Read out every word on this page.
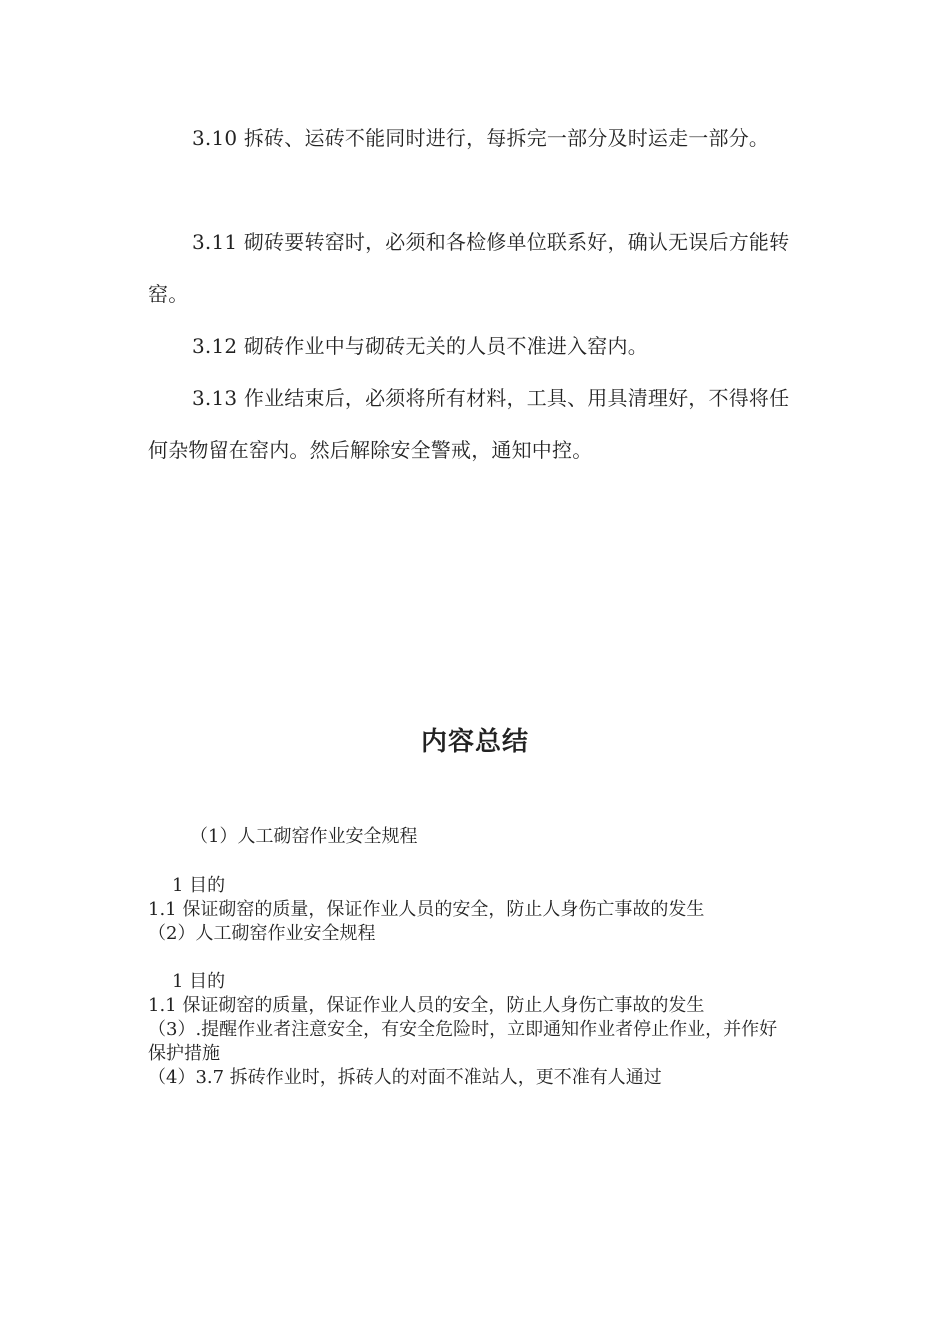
3.10 拆砖、运砖不能同时进行，每拆完一部分及时运走一部分。

3.11 砌砖要转窑时，必须和各检修单位联系好，确认无误后方能转窑。

3.12 砌砖作业中与砌砖无关的人员不准进入窑内。

3.13 作业结束后，必须将所有材料，工具、用具清理好，不得将任何杂物留在窑内。然后解除安全警戒，通知中控。

内容总结

（1）人工砌窑作业安全规程

1 目的

1.1 保证砌窑的质量，保证作业人员的安全，防止人身伤亡事故的发生

（2）人工砌窑作业安全规程

1 目的

1.1 保证砌窑的质量，保证作业人员的安全，防止人身伤亡事故的发生

（3）.提醒作业者注意安全，有安全危险时，立即通知作业者停止作业，并作好保护措施

（4）3.7 拆砖作业时，拆砖人的对面不准站人，更不准有人通过
